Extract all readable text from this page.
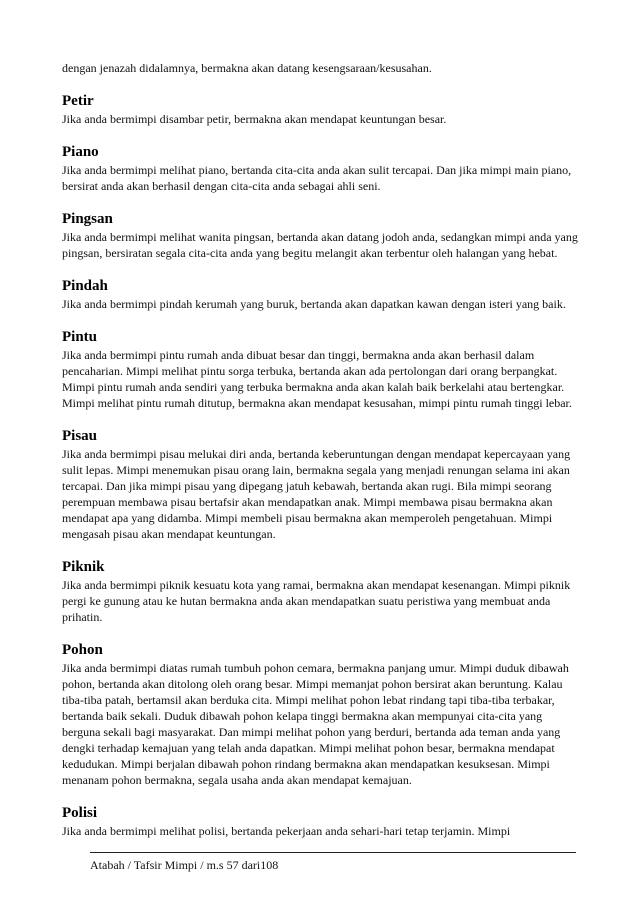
dengan jenazah didalamnya, bermakna akan datang kesengsaraan/kesusahan.

Petir

Jika anda bermimpi disambar petir, bermakna akan mendapat keuntungan besar.

Piano

Jika anda bermimpi melihat piano, bertanda cita-cita anda akan sulit tercapai. Dan jika mimpi main piano, bersirat anda akan berhasil dengan cita-cita anda sebagai ahli seni.

Pingsan

Jika anda bermimpi melihat wanita pingsan, bertanda akan datang jodoh anda, sedangkan mimpi anda yang pingsan, bersiratan segala cita-cita anda yang begitu melangit akan terbentur oleh halangan yang hebat.

Pindah

Jika anda bermimpi pindah kerumah yang buruk, bertanda akan dapatkan kawan dengan isteri yang baik.

Pintu

Jika anda bermimpi pintu rumah anda dibuat besar dan tinggi, bermakna anda akan berhasil dalam pencaharian. Mimpi melihat pintu sorga terbuka, bertanda akan ada pertolongan dari orang berpangkat. Mimpi pintu rumah anda sendiri yang terbuka bermakna anda akan kalah baik berkelahi atau bertengkar. Mimpi melihat pintu rumah ditutup, bermakna akan mendapat kesusahan, mimpi pintu rumah tinggi lebar.

Pisau

Jika anda bermimpi pisau melukai diri anda, bertanda keberuntungan dengan mendapat kepercayaan yang sulit lepas. Mimpi menemukan pisau orang lain, bermakna segala yang menjadi renungan selama ini akan tercapai. Dan jika mimpi pisau yang dipegang jatuh kebawah, bertanda akan rugi. Bila mimpi seorang perempuan membawa pisau bertafsir akan mendapatkan anak. Mimpi membawa pisau bermakna akan mendapat apa yang didamba. Mimpi membeli pisau bermakna akan memperoleh pengetahuan. Mimpi mengasah pisau akan mendapat keuntungan.

Piknik

Jika anda bermimpi piknik kesuatu kota yang ramai, bermakna akan mendapat kesenangan. Mimpi piknik pergi ke gunung atau ke hutan bermakna anda akan mendapatkan suatu peristiwa yang membuat anda prihatin.

Pohon

Jika anda bermimpi diatas rumah tumbuh pohon cemara, bermakna panjang umur. Mimpi duduk dibawah pohon, bertanda akan ditolong oleh orang besar. Mimpi memanjat pohon bersirat akan beruntung. Kalau tiba-tiba patah, bertamsil akan berduka cita. Mimpi melihat pohon lebat rindang tapi tiba-tiba terbakar, bertanda baik sekali. Duduk dibawah pohon kelapa tinggi bermakna akan mempunyai cita-cita yang berguna sekali bagi masyarakat. Dan mimpi melihat pohon yang berduri, bertanda ada teman anda yang dengki terhadap kemajuan yang telah anda dapatkan. Mimpi melihat pohon besar, bermakna mendapat kedudukan. Mimpi berjalan dibawah pohon rindang bermakna akan mendapatkan kesuksesan. Mimpi menanam pohon bermakna, segala usaha anda akan mendapat kemajuan.

Polisi

Jika anda bermimpi melihat polisi, bertanda pekerjaan anda sehari-hari tetap terjamin. Mimpi

Atabah / Tafsir Mimpi / m.s 57 dari108
